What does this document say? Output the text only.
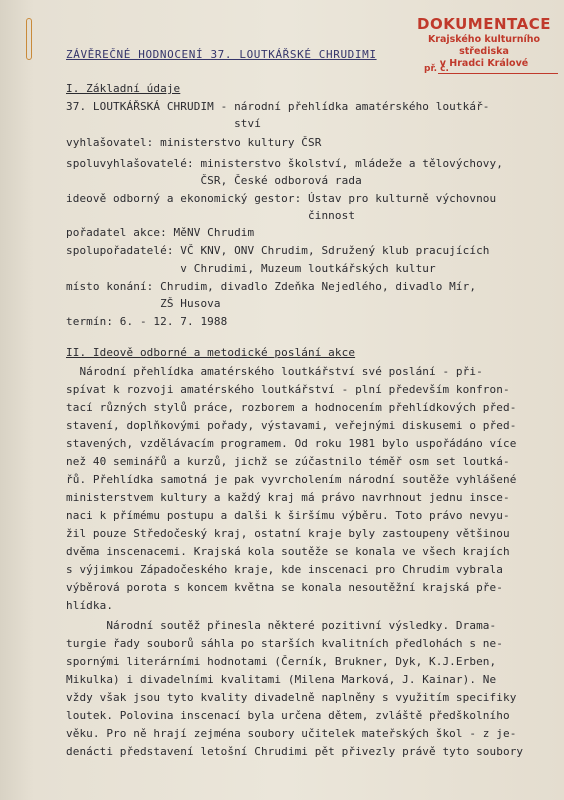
DOKUMENTACE
Krajského kulturního střediska
v Hradci Králové
př. č.
ZÁVĚREČNÉ HODNOCENÍ 37. LOUTKÁŘSKÉ CHRUDIMI
I. Základní údaje
37. LOUTKÁŘSKÁ CHRUDIM - národní přehlídka amatérského loutkář-
ství
vyhlašovatel: ministerstvo kultury ČSR
spoluvyhlašovatelé: ministerstvo školství, mládeže a tělovýchovy,
ČSR, České odborová rada
ideově odborný a ekonomický gestor: Ústav pro kulturně výchovnou
činnost
pořadatel akce: MěNV Chrudim
spolupořadatelé: VČ KNV, ONV Chrudim, Sdružený klub pracujících
v Chrudimi, Muzeum loutkářských kultur
místo konání: Chrudim, divadlo Zdeňka Nejedlého, divadlo Mír,
ZŠ Husova
termín: 6. - 12. 7. 1988
II. Ideově odborné a metodické poslání akce
Národní přehlídka amatérského loutkářství své poslání - při-
spívat k rozvoji amatérského loutkářství - plní především konfron-
tací různých stylů práce, rozborem a hodnocením přehlídkových před-
stavení, doplňkovými pořady, výstavami, veřejnými diskusemi o před-
stavených, vzdělávacím programem. Od roku 1981 bylo uspořádáno více
než 40 seminářů a kurzů, jichž se zúčastnilo téměř osm set loutká-
řů. Přehlídka samotná je pak vyvrcholením národní soutěže vyhlášené
ministerstvem kultury a každý kraj má právo navrhnout jednu insce-
naci k přímému postupu a dalši k širšímu výběru. Toto právo nevyu-
žil pouze Středočeský kraj, ostatní kraje byly zastoupeny většinou
dvěma inscenacemi. Krajská kola soutěže se konala ve všech krajích
s výjimkou Západočeského kraje, kde inscenaci pro Chrudim vybrala
výběrová porota s koncem května se konala nesoutěžní krajská pře-
hlídka.
Národní soutěž přinesla některé pozitivní výsledky. Drama-
turgie řady souborů sáhla po starších kvalitních předlohách s ne-
spornými literárními hodnotami (Černík, Brukner, Dyk, K.J.Erben,
Mikulka) i divadelními kvalitami (Milena Marková, J. Kainar). Ne
vždy však jsou tyto kvality divadelně naplněny s využitím specifiky
loutek. Polovina inscenací byla určena dětem, zvláště předškolního
věku. Pro ně hrají zejména soubory učitelek mateřských škol - z je-
denácti představení letošní Chrudimi pět přivezly právě tyto soubory
